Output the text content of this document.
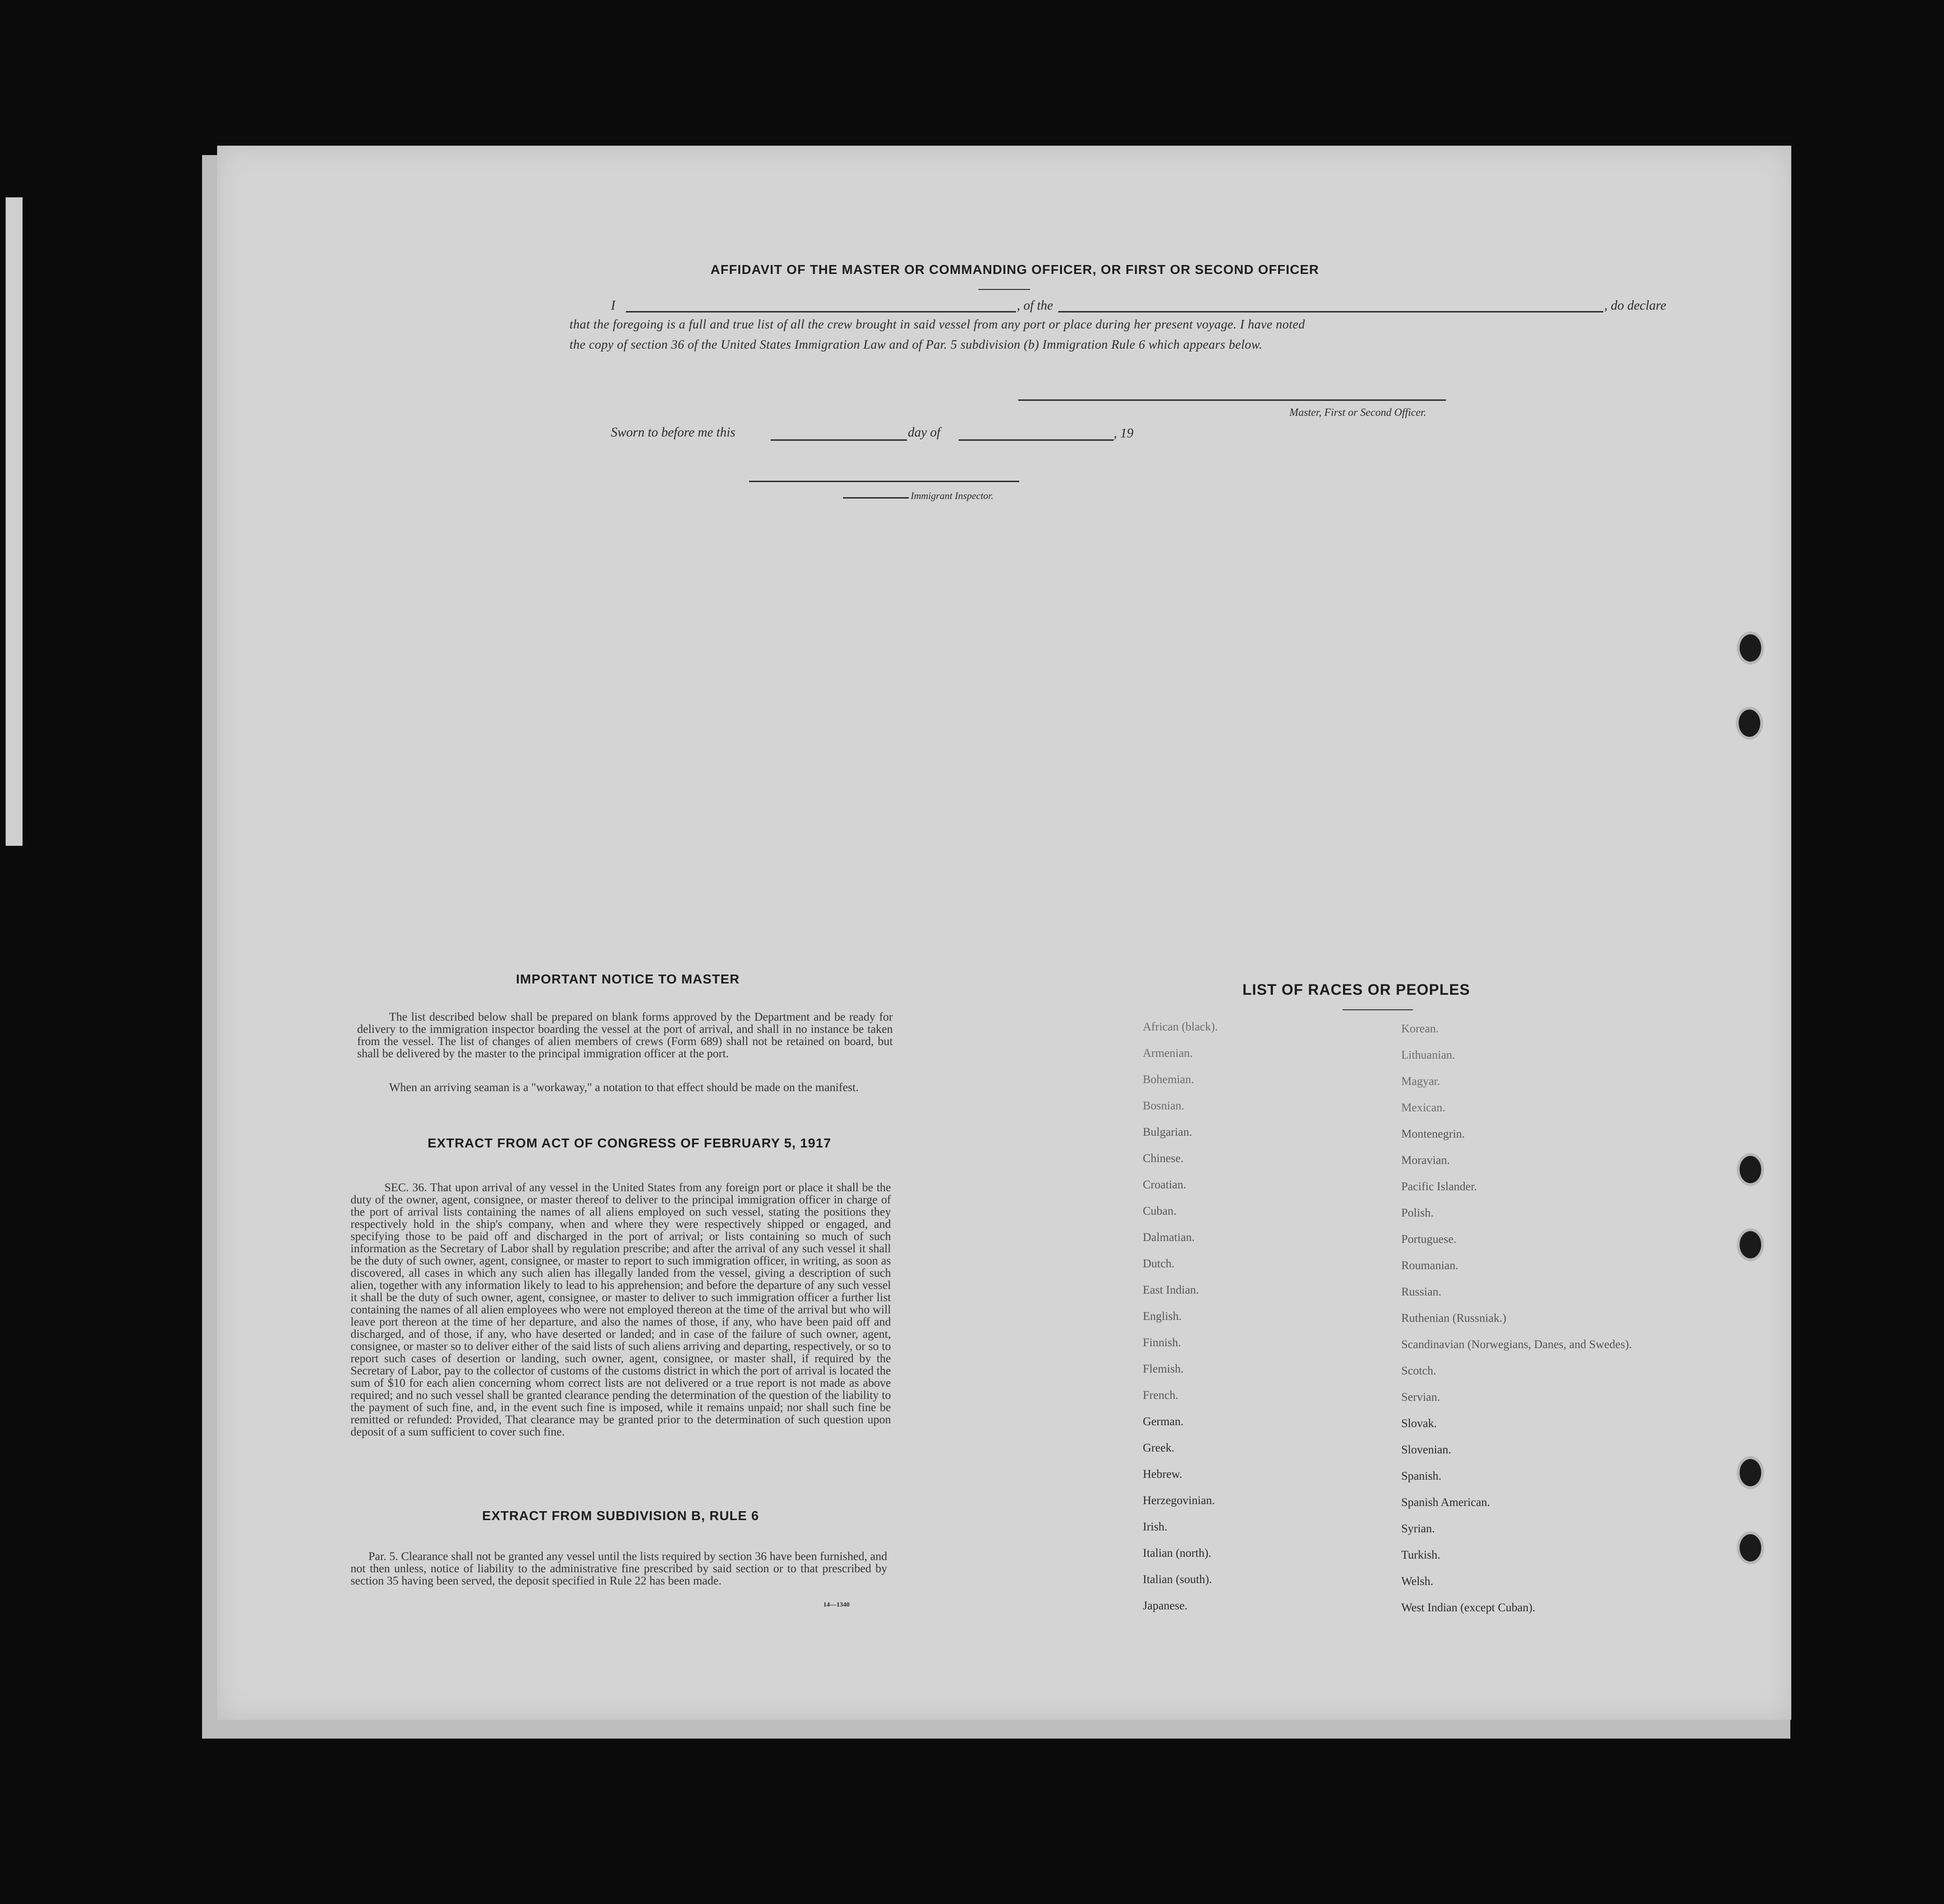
AFFIDAVIT OF THE MASTER OR COMMANDING OFFICER, OR FIRST OR SECOND OFFICER
I	, of the	, do declare
that the foregoing is a full and true list of all the crew brought in said vessel from any port or place during her present voyage. I have noted
the copy of section 36 of the United States Immigration Law and of Par. 5 subdivision (b) Immigration Rule 6 which appears below.
Master, First or Second Officer.
Sworn to before me this	day of	, 19
Immigrant Inspector.
IMPORTANT NOTICE TO MASTER
The list described below shall be prepared on blank forms approved by the Department and be ready for delivery to the immigration inspector boarding the vessel at the port of arrival, and shall in no instance be taken from the vessel. The list of changes of alien members of crews (Form 689) shall not be retained on board, but shall be delivered by the master to the principal immigration officer at the port.
When an arriving seaman is a "workaway," a notation to that effect should be made on the manifest.
EXTRACT FROM ACT OF CONGRESS OF FEBRUARY 5, 1917
SEC. 36. That upon arrival of any vessel in the United States from any foreign port or place it shall be the duty of the owner, agent, consignee, or master thereof to deliver to the principal immigration officer in charge of the port of arrival lists containing the names of all aliens employed on such vessel, stating the positions they respectively hold in the ship's company, when and where they were respectively shipped or engaged, and specifying those to be paid off and discharged in the port of arrival; or lists containing so much of such information as the Secretary of Labor shall by regulation prescribe; and after the arrival of any such vessel it shall be the duty of such owner, agent, consignee, or master to report to such immigration officer, in writing, as soon as discovered, all cases in which any such alien has illegally landed from the vessel, giving a description of such alien, together with any information likely to lead to his apprehension; and before the departure of any such vessel it shall be the duty of such owner, agent, consignee, or master to deliver to such immigration officer a further list containing the names of all alien employees who were not employed thereon at the time of the arrival but who will leave port thereon at the time of her departure, and also the names of those, if any, who have been paid off and discharged, and of those, if any, who have deserted or landed; and in case of the failure of such owner, agent, consignee, or master so to deliver either of the said lists of such aliens arriving and departing, respectively, or so to report such cases of desertion or landing, such owner, agent, consignee, or master shall, if required by the Secretary of Labor, pay to the collector of customs of the customs district in which the port of arrival is located the sum of $10 for each alien concerning whom correct lists are not delivered or a true report is not made as above required; and no such vessel shall be granted clearance pending the determination of the question of the liability to the payment of such fine, and, in the event such fine is imposed, while it remains unpaid; nor shall such fine be remitted or refunded: Provided, That clearance may be granted prior to the determination of such question upon deposit of a sum sufficient to cover such fine.
EXTRACT FROM SUBDIVISION B, RULE 6
Par. 5. Clearance shall not be granted any vessel until the lists required by section 36 have been furnished, and not then unless, notice of liability to the administrative fine prescribed by said section or to that prescribed by section 35 having been served, the deposit specified in Rule 22 has been made.
14—1340
LIST OF RACES OR PEOPLES
African (black).
Armenian.
Bohemian.
Bosnian.
Bulgarian.
Chinese.
Croatian.
Cuban.
Dalmatian.
Dutch.
East Indian.
English.
Finnish.
Flemish.
French.
German.
Greek.
Hebrew.
Herzegovinian.
Irish.
Italian (north).
Italian (south).
Japanese.
Korean.
Lithuanian.
Magyar.
Mexican.
Montenegrin.
Moravian.
Pacific Islander.
Polish.
Portuguese.
Roumanian.
Russian.
Ruthenian (Russniak.)
Scandinavian (Norwegians, Danes, and Swedes).
Scotch.
Servian.
Slovak.
Slovenian.
Spanish.
Spanish American.
Syrian.
Turkish.
Welsh.
West Indian (except Cuban).
